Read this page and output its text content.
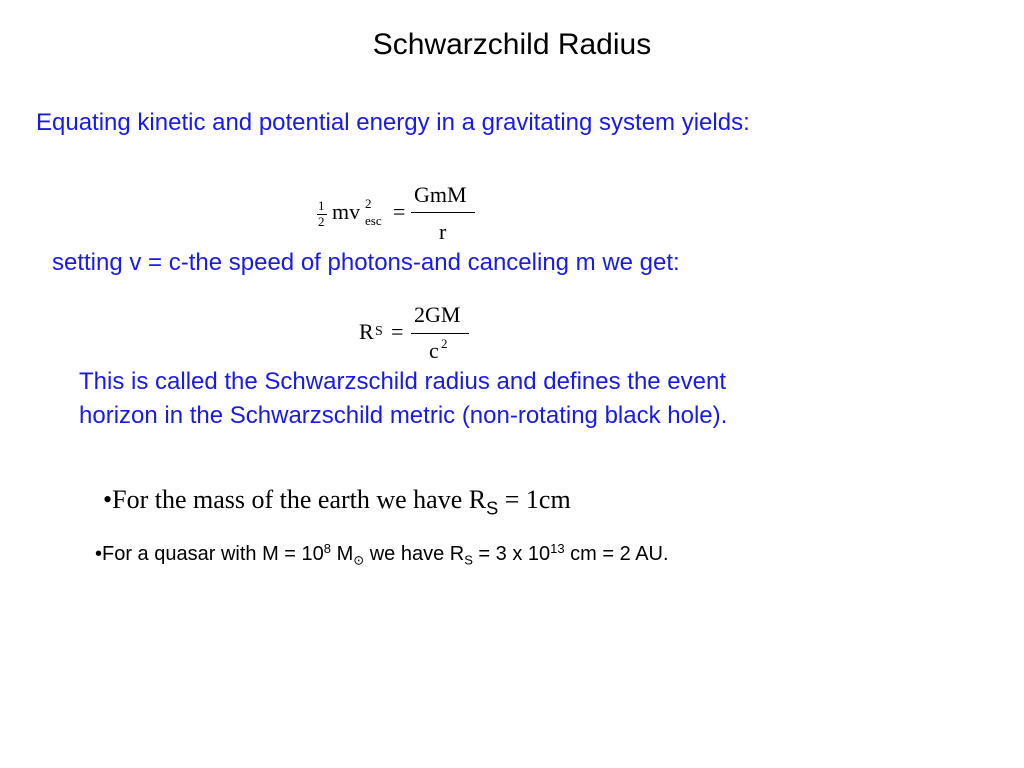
Schwarzchild Radius
Equating kinetic and potential energy in a gravitating system yields:
1
2 mv 2
esc =
GmM
r
setting v = c-the speed of photons-and canceling m we get:
R S =
2GM
c 2
This is called the Schwarzschild radius and defines the event
horizon in the Schwarzschild metric (non-rotating black hole).
•For the mass of the earth we have $R_S = 1cm$
•For a quasar with $M = 10^8$ $M_⊙$ we have $R_S = 3$ x $10^{13}$ cm = 2 AU.
